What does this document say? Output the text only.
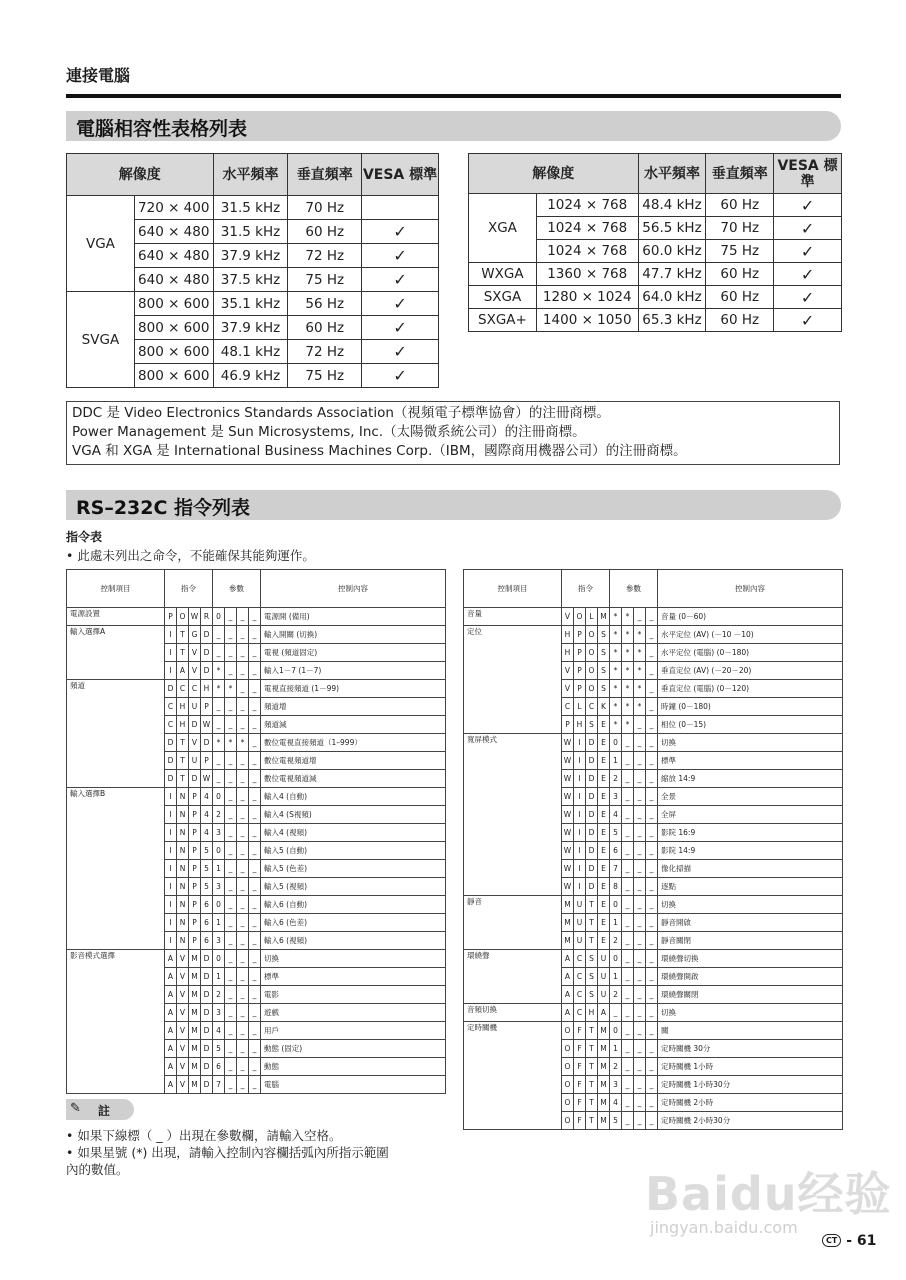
連接電腦
電腦相容性表格列表
解像度		水平頻率	垂直頻率	VESA 標準
VGA	720 × 400	31.5 kHz	70 Hz	
	640 × 480	31.5 kHz	60 Hz	✓
	640 × 480	37.9 kHz	72 Hz	✓
	640 × 480	37.5 kHz	75 Hz	✓
SVGA	800 × 600	35.1 kHz	56 Hz	✓
	800 × 600	37.9 kHz	60 Hz	✓
	800 × 600	48.1 kHz	72 Hz	✓
	800 × 600	46.9 kHz	75 Hz	✓
解像度		水平頻率	垂直頻率	VESA 標準
XGA	1024 × 768	48.4 kHz	60 Hz	✓
	1024 × 768	56.5 kHz	70 Hz	✓
	1024 × 768	60.0 kHz	75 Hz	✓
WXGA	1360 × 768	47.7 kHz	60 Hz	✓
SXGA	1280 × 1024	64.0 kHz	60 Hz	✓
SXGA+	1400 × 1050	65.3 kHz	60 Hz	✓
DDC 是 Video Electronics Standards Association（視頻電子標準協會）的注冊商標。
Power Management 是 Sun Microsystems, Inc.（太陽微系統公司）的注冊商標。
VGA 和 XGA 是 International Business Machines Corp.（IBM，國際商用機器公司）的注冊商標。
RS–232C 指令列表
指令表
• 此處未列出之命令，不能確保其能夠運作。
控制項目	指令				參數				控制內容
電源設置	P	O	W	R	0	_	_	_	電源開 (備用)
輸入選擇A	I	T	G	D	_	_	_	_	輸入開關 (切換)
	I	T	V	D	_	_	_	_	電視 (頻道固定)
	I	A	V	D	*	_	_	_	輸入1－7 (1－7)
頻道	D	C	C	H	*	*	_	_	電視直接頻道 (1－99)
	C	H	U	P	_	_	_	_	頻道增
	C	H	D	W	_	_	_	_	頻道減
	D	T	V	D	*	*	*	_	數位電視直接頻道（1–999）
	D	T	U	P	_	_	_	_	數位電視頻道增
	D	T	D	W	_	_	_	_	數位電視頻道減
輸入選擇B	I	N	P	4	0	_	_	_	輸入4 (自動)
	I	N	P	4	2	_	_	_	輸入4 (S視頻)
	I	N	P	4	3	_	_	_	輸入4 (視頻)
	I	N	P	5	0	_	_	_	輸入5 (自動)
	I	N	P	5	1	_	_	_	輸入5 (色差)
	I	N	P	5	3	_	_	_	輸入5 (視頻)
	I	N	P	6	0	_	_	_	輸入6 (自動)
	I	N	P	6	1	_	_	_	輸入6 (色差)
	I	N	P	6	3	_	_	_	輸入6 (視頻)
影音模式選擇	A	V	M	D	0	_	_	_	切換
	A	V	M	D	1	_	_	_	標準
	A	V	M	D	2	_	_	_	電影
	A	V	M	D	3	_	_	_	遊戲
	A	V	M	D	4	_	_	_	用戶
	A	V	M	D	5	_	_	_	動態 (固定)
	A	V	M	D	6	_	_	_	動態
	A	V	M	D	7	_	_	_	電腦
控制項目	指令				參數				控制內容
音量	V	O	L	M	*	*	_	_	音量 (0－60)
定位	H	P	O	S	*	*	*	_	水平定位 (AV) (－10 －10)
	H	P	O	S	*	*	*	_	水平定位 (電腦) (0－180)
	V	P	O	S	*	*	*	_	垂直定位 (AV) (－20－20)
	V	P	O	S	*	*	*	_	垂直定位 (電腦) (0－120)
	C	L	C	K	*	*	*	_	時鐘 (0－180)
	P	H	S	E	*	*	_	_	相位 (0－15)
寬屏模式	W	I	D	E	0	_	_	_	切換
	W	I	D	E	1	_	_	_	標準
	W	I	D	E	2	_	_	_	縮放 14:9
	W	I	D	E	3	_	_	_	全景
	W	I	D	E	4	_	_	_	全屏
	W	I	D	E	5	_	_	_	影院 16:9
	W	I	D	E	6	_	_	_	影院 14:9
	W	I	D	E	7	_	_	_	像化掃描
	W	I	D	E	8	_	_	_	逐點
靜音	M	U	T	E	0	_	_	_	切換
	M	U	T	E	1	_	_	_	靜音開啟
	M	U	T	E	2	_	_	_	靜音關閉
環繞聲	A	C	S	U	0	_	_	_	環繞聲切換
	A	C	S	U	1	_	_	_	環繞聲開啟
	A	C	S	U	2	_	_	_	環繞聲關閉
音頻切換	A	C	H	A	_	_	_	_	切換
定時關機	O	F	T	M	0	_	_	_	關
	O	F	T	M	1	_	_	_	定時關機 30分
	O	F	T	M	2	_	_	_	定時關機 1小時
	O	F	T	M	3	_	_	_	定時關機 1小時30分
	O	F	T	M	4	_	_	_	定時關機 2小時
	O	F	T	M	5	_	_	_	定時關機 2小時30分
✎ 註
• 如果下線標（ _ ）出現在參數欄，請輸入空格。
• 如果星號 (*) 出現，請輸入控制內容欄括弧內所指示範圍
內的數值。	Baidu经验
jingyan.baidu.com
CT - 61
